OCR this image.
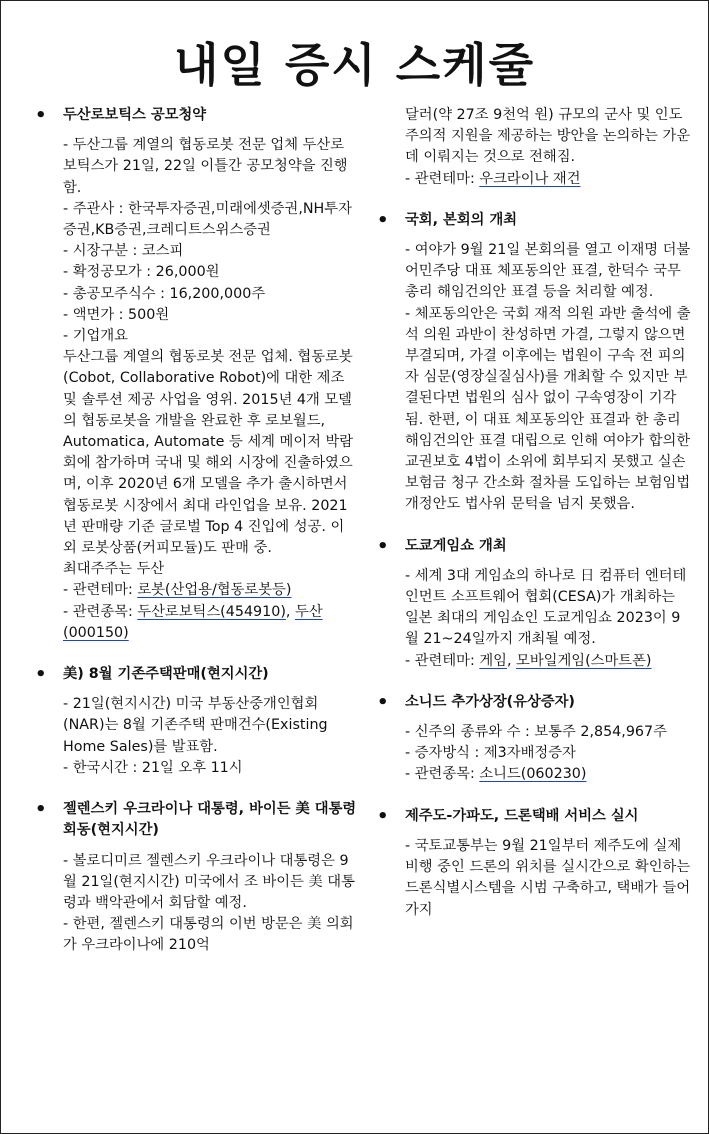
내일 증시 스케줄
•	두산로보틱스 공모청약
- 두산그룹 계열의 협동로봇 전문 업체 두산로보틱스가 21일, 22일 이틀간 공모청약을 진행함.
- 주관사 : 한국투자증권,미래에셋증권,NH투자증권,KB증권,크레디트스위스증권
- 시장구분 : 코스피
- 확정공모가 : 26,000원
- 총공모주식수 : 16,200,000주
- 액면가 : 500원
- 기업개요
두산그룹 계열의 협동로봇 전문 업체. 협동로봇(Cobot, Collaborative Robot)에 대한 제조 및 솔루션 제공 사업을 영위. 2015년 4개 모델의 협동로봇을 개발을 완료한 후 로보월드, Automatica, Automate 등 세계 메이저 박람회에 참가하며 국내 및 해외 시장에 진출하였으며, 이후 2020년 6개 모델을 추가 출시하면서 협동로봇 시장에서 최대 라인업을 보유. 2021년 판매량 기준 글로벌 Top 4 진입에 성공. 이 외 로봇상품(커피모듈)도 판매 중.
최대주주는 두산
- 관련테마: 로봇(산업용/협동로봇등)
- 관련종목: 두산로보틱스(454910), 두산(000150)
•	美) 8월 기존주택판매(현지시간)
- 21일(현지시간) 미국 부동산중개인협회(NAR)는 8월 기존주택 판매건수(Existing Home Sales)를 발표함.
- 한국시간 : 21일 오후 11시
•	젤렌스키 우크라이나 대통령, 바이든 美 대통령 회동(현지시간)
- 볼로디미르 젤렌스키 우크라이나 대통령은 9월 21일(현지시간) 미국에서 조 바이든 美 대통령과 백악관에서 회담할 예정.
- 한편, 젤렌스키 대통령의 이번 방문은 美 의회가 우크라이나에 210억
달러(약 27조 9천억 원) 규모의 군사 및 인도주의적 지원을 제공하는 방안을 논의하는 가운데 이뤄지는 것으로 전해짐.
- 관련테마: 우크라이나 재건
•	국회, 본회의 개최
- 여야가 9월 21일 본회의를 열고 이재명 더불어민주당 대표 체포동의안 표결, 한덕수 국무총리 해임건의안 표결 등을 처리할 예정.
- 체포동의안은 국회 재적 의원 과반 출석에 출석 의원 과반이 찬성하면 가결, 그렇지 않으면 부결되며, 가결 이후에는 법원이 구속 전 피의자 심문(영장실질심사)를 개최할 수 있지만 부결된다면 법원의 심사 없이 구속영장이 기각됨. 한편, 이 대표 체포동의안 표결과 한 총리 해임건의안 표결 대립으로 인해 여야가 합의한 교권보호 4법이 소위에 회부되지 못했고 실손보험금 청구 간소화 절차를 도입하는 보험임법 개정안도 법사위 문턱을 넘지 못했음.
•	도쿄게임쇼 개최
- 세계 3대 게임쇼의 하나로 日 컴퓨터 엔터테인먼트 소프트웨어 협회(CESA)가 개최하는 일본 최대의 게임쇼인 도쿄게임쇼 2023이 9월 21~24일까지 개최될 예정.
- 관련테마: 게임, 모바일게임(스마트폰)
•	소니드 추가상장(유상증자)
- 신주의 종류와 수 : 보통주 2,854,967주
- 증자방식 : 제3자배정증자
- 관련종목: 소니드(060230)
•	제주도-가파도, 드론택배 서비스 실시
- 국토교통부는 9월 21일부터 제주도에 실제 비행 중인 드론의 위치를 실시간으로 확인하는 드론식별시스템을 시범 구축하고, 택배가 들어가지
